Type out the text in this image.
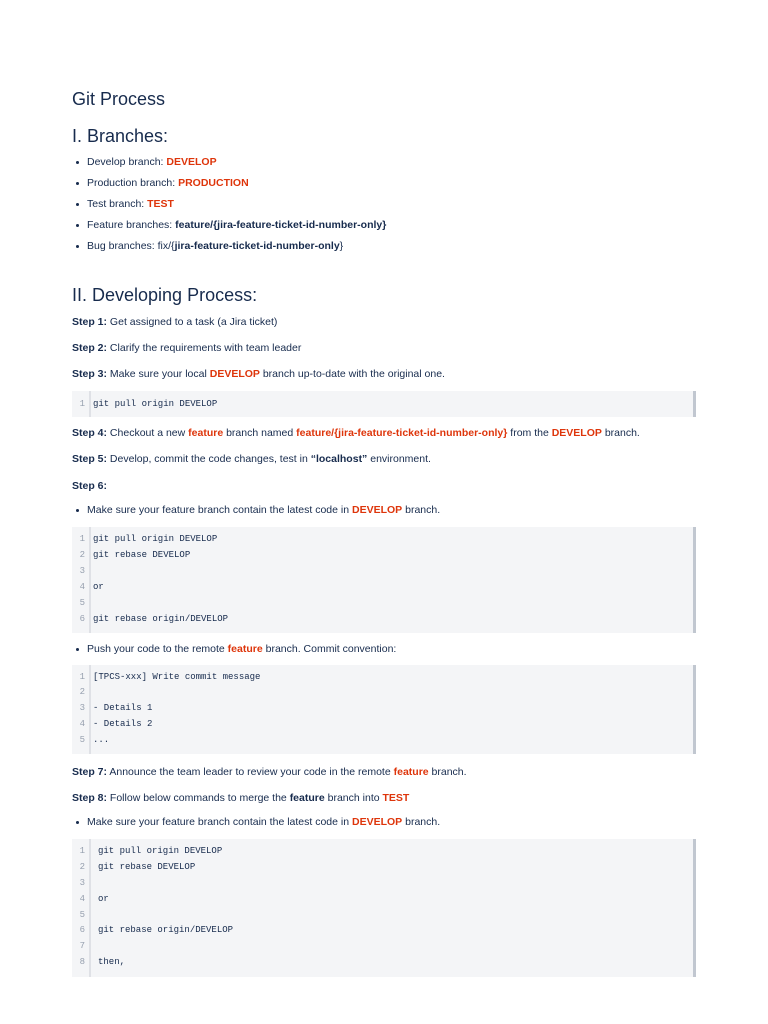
Git Process
I. Branches:
Develop branch: DEVELOP
Production branch: PRODUCTION
Test branch: TEST
Feature branches: feature/{jira-feature-ticket-id-number-only}
Bug branches: fix/{jira-feature-ticket-id-number-only}
II. Developing Process:

Step 1: Get assigned to a task (a Jira ticket)

Step 2: Clarify the requirements with team leader

Step 3: Make sure your local DEVELOP branch up-to-date with the original one.

1 git pull origin DEVELOP

Step 4: Checkout a new feature branch named feature/{jira-feature-ticket-id-number-only} from the DEVELOP branch.

Step 5: Develop, commit the code changes, test in “localhost” environment.

Step 6:

Make sure your feature branch contain the latest code in DEVELOP branch.
1 git pull origin DEVELOP
2 git rebase DEVELOP
3
4 or
5
6 git rebase origin/DEVELOP
Push your code to the remote feature branch. Commit convention:
1 [TPCS-xxx] Write commit message
2
3 - Details 1
4 - Details 2
5 ...

Step 7: Announce the team leader to review your code in the remote feature branch.

Step 8: Follow below commands to merge the feature branch into TEST

Make sure your feature branch contain the latest code in DEVELOP branch.
1 git pull origin DEVELOP
2 git rebase DEVELOP
3
4 or
5
6 git rebase origin/DEVELOP
7
8 then,
